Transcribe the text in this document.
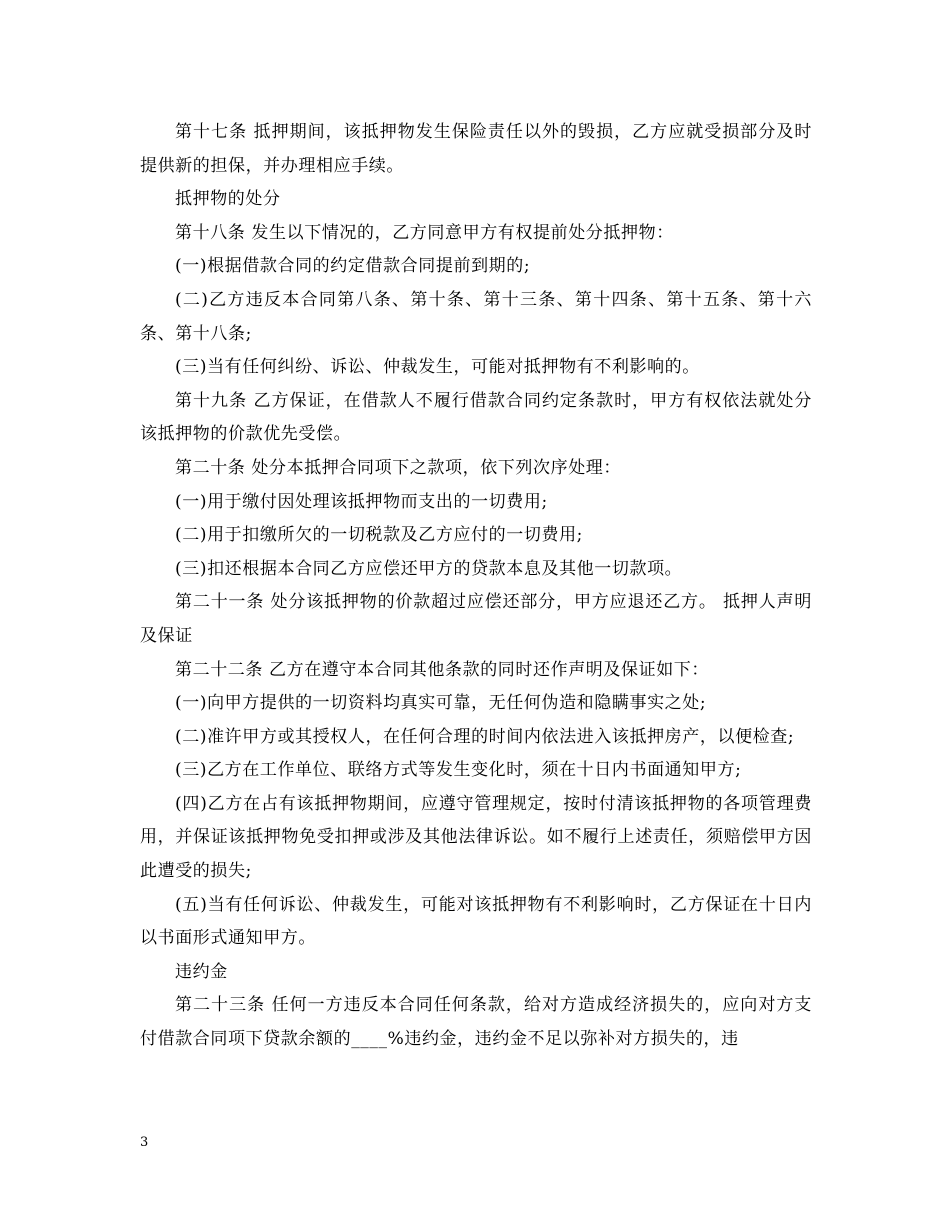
第十七条 抵押期间，该抵押物发生保险责任以外的毁损，乙方应就受损部分及时提供新的担保，并办理相应手续。

抵押物的处分

第十八条 发生以下情况的，乙方同意甲方有权提前处分抵押物：

(一)根据借款合同的约定借款合同提前到期的;

(二)乙方违反本合同第八条、第十条、第十三条、第十四条、第十五条、第十六条、第十八条;

(三)当有任何纠纷、诉讼、仲裁发生，可能对抵押物有不利影响的。

第十九条 乙方保证，在借款人不履行借款合同约定条款时，甲方有权依法就处分该抵押物的价款优先受偿。

第二十条 处分本抵押合同项下之款项，依下列次序处理：

(一)用于缴付因处理该抵押物而支出的一切费用;

(二)用于扣缴所欠的一切税款及乙方应付的一切费用;

(三)扣还根据本合同乙方应偿还甲方的贷款本息及其他一切款项。

第二十一条 处分该抵押物的价款超过应偿还部分，甲方应退还乙方。 抵押人声明及保证

第二十二条 乙方在遵守本合同其他条款的同时还作声明及保证如下：

(一)向甲方提供的一切资料均真实可靠，无任何伪造和隐瞒事实之处;

(二)准许甲方或其授权人，在任何合理的时间内依法进入该抵押房产，以便检查;

(三)乙方在工作单位、联络方式等发生变化时，须在十日内书面通知甲方;

(四)乙方在占有该抵押物期间，应遵守管理规定，按时付清该抵押物的各项管理费用，并保证该抵押物免受扣押或涉及其他法律诉讼。如不履行上述责任，须赔偿甲方因此遭受的损失;

(五)当有任何诉讼、仲裁发生，可能对该抵押物有不利影响时，乙方保证在十日内以书面形式通知甲方。

违约金

第二十三条 任何一方违反本合同任何条款，给对方造成经济损失的，应向对方支付借款合同项下贷款余额的____%违约金，违约金不足以弥补对方损失的，违

3
